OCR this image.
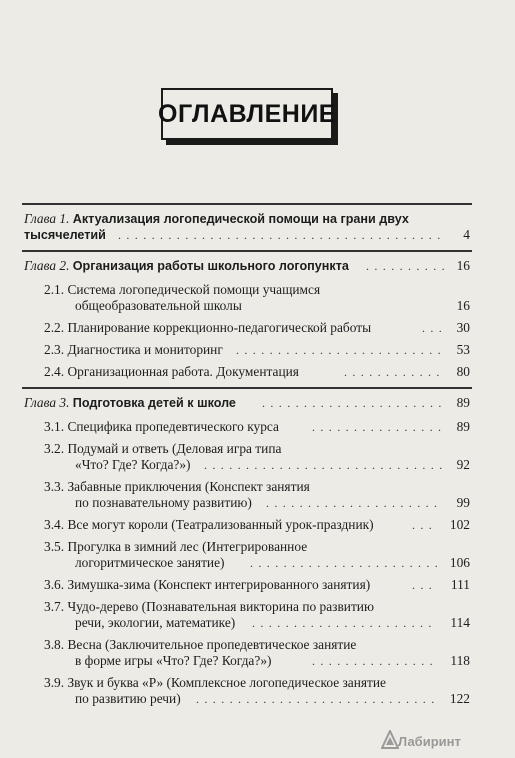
ОГЛАВЛЕНИЕ
Глава 1. Актуализация логопедической помощи на грани двух
тысячелетий . . . . . . . . . . . . . . . . . . . . . . . . . . . . . . . . . . . . . . .	4
Глава 2. Организация работы школьного логопункта . . . . . . . . . . 16
2.1. Система логопедической помощи учащимся
общеобразовательной школы	16
2.2. Планирование коррекционно-педагогической работы	. . .	30
2.3. Диагностика и мониторинг . . . . . . . . . . . . . . . . . . . . . . . . .	53
2.4. Организационная работа. Документация	. . . . . . . . . . . .	80
Глава 3. Подготовка детей к школе . . . . . . . . . . . . . . . . . . . . . .	89
3.1. Специфика пропедевтического курса	. . . . . . . . . . . . . . . .	89
3.2. Подумай и ответь (Деловая игра типа
«Что? Где? Когда?») . . . . . . . . . . . . . . . . . . . . . . . . . . . . . 92
3.3. Забавные приключения (Конспект занятия
по познавательному развитию) . . . . . . . . . . . . . . . . . . . . .	99
3.4. Все могут короли (Театрализованный урок-праздник)	. . .	102
3.5. Прогулка в зимний лес (Интегрированное
логоритмическое занятие) . . . . . . . . . . . . . . . . . . . . . . . 106
3.6. Зимушка-зима (Конспект интегрированного занятия)	. . .	111
3.7. Чудо-дерево (Познавательная викторина по развитию
речи, экологии, математике) . . . . . . . . . . . . . . . . . . . . . .	114
3.8. Весна (Заключительное пропедевтическое занятие
в форме игры «Что? Где? Когда?»)	. . . . . . . . . . . . . . .	118
3.9. Звук и буква «Р» (Комплексное логопедическое занятие
по развитию речи) . . . . . . . . . . . . . . . . . . . . . . . . . . . . .	122
Лабиринт
